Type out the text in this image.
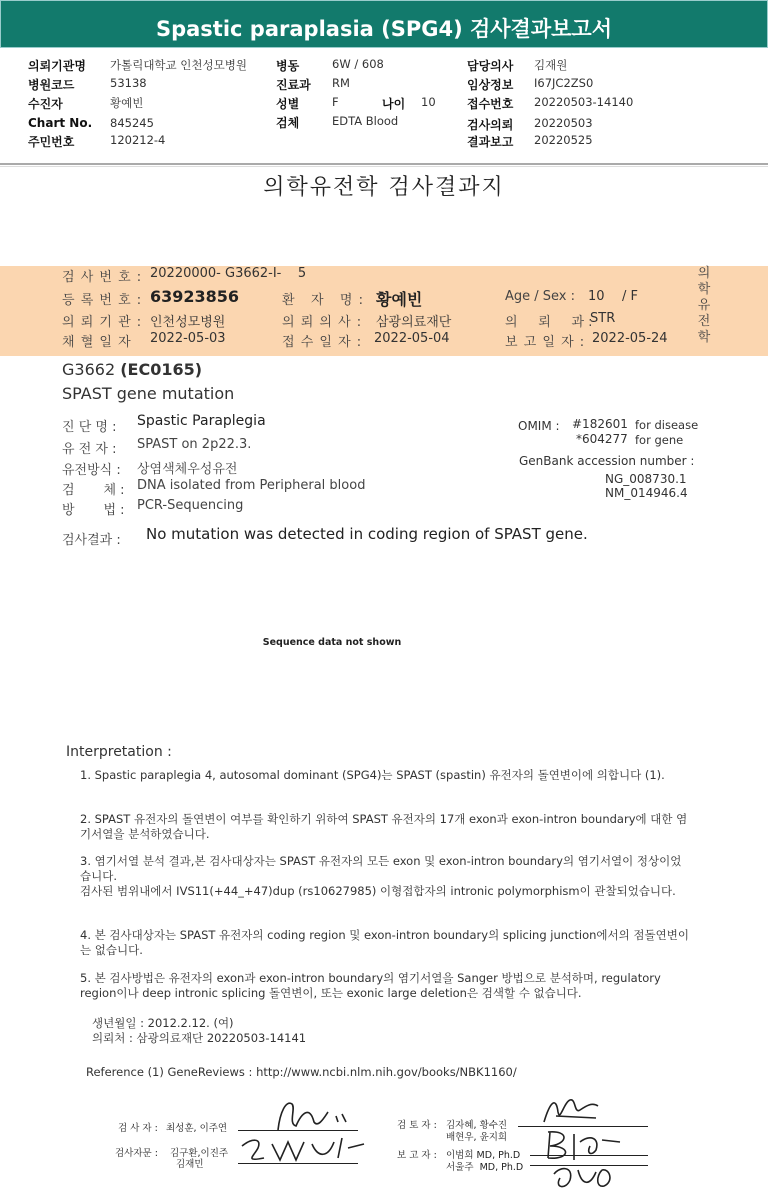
Spastic paraplasia (SPG4) 검사결과보고서
의뢰기관명 가톨릭대학교 인천성모병원
병원코드	53138
수진자	황예빈
Chart No. 845245
주민번호	120212-4
병동	6W / 608
진료과 RM
성별	F	나이 10
검체	EDTA Blood
담당의사 김재원
임상정보 I67JC2ZS0
접수번호 20220503-14140
검사의뢰 20220503
결과보고 20220525
의학유전학 검사결과지
검 사 번 호 : 20220000- G3662-I-    5
등 록 번 호 : 63923856	환   자   명 : 황예빈	Age / Sex : 10 / F
의 뢰 기 관 : 인천성모병원	의 뢰 의 사 : 삼광의료재단	의     뢰     과 :
STR
채 혈 일 자 2022-05-03	접 수 일 자 : 2022-05-04	보 고 일 자 : 2022-05-24
의학유전학
G3662 (EC0165)
SPAST gene mutation
진 단 명 : Spastic Paraplegia
유 전 자 : SPAST on 2p22.3.
유전방식 : 상염색체우성유전
검       체 : DNA isolated from Peripheral blood
방       법 : PCR-Sequencing
OMIM : #182601 for disease
*604277 for gene
GenBank accession number :
NG_008730.1
NM_014946.4
검사결과 : No mutation was detected in coding region of SPAST gene.
Sequence data not shown
Interpretation :
1. Spastic paraplegia 4, autosomal dominant (SPG4)는 SPAST (spastin) 유전자의 돌연변이에 의합니다 (1).
2. SPAST 유전자의 돌연변이 여부를 확인하기 위하여 SPAST 유전자의 17개 exon과 exon-intron boundary에 대한 염기서열을 분석하였습니다.
3. 염기서열 분석 결과,본 검사대상자는 SPAST 유전자의 모든 exon 및 exon-intron boundary의 염기서열이 정상이었습니다.
검사된 범위내에서 IVS11(+44_+47)dup (rs10627985) 이형접합자의 intronic polymorphism이 관찰되었습니다.
4. 본 검사대상자는 SPAST 유전자의 coding region 및 exon-intron boundary의 splicing junction에서의 점돌연변이는 없습니다.
5. 본 검사방법은 유전자의 exon과 exon-intron boundary의 염기서열을 Sanger 방법으로 분석하며, regulatory region이나 deep intronic splicing 돌연변이, 또는 exonic large deletion은 검색할 수 없습니다.
생년월일 : 2012.2.12. (여)
의뢰처 : 삼광의료재단 20220503-14141
Reference (1) GeneReviews : http://www.ncbi.nlm.nih.gov/books/NBK1160/
검 사 자 : 최성훈, 이주연
검사자문 : 김구환,이진주
김재민
검 토 자 : 김자혜, 황수진
배현우, 윤지희
보 고 자 : 이범희 MD, Ph.D
서울주  MD, Ph.D
